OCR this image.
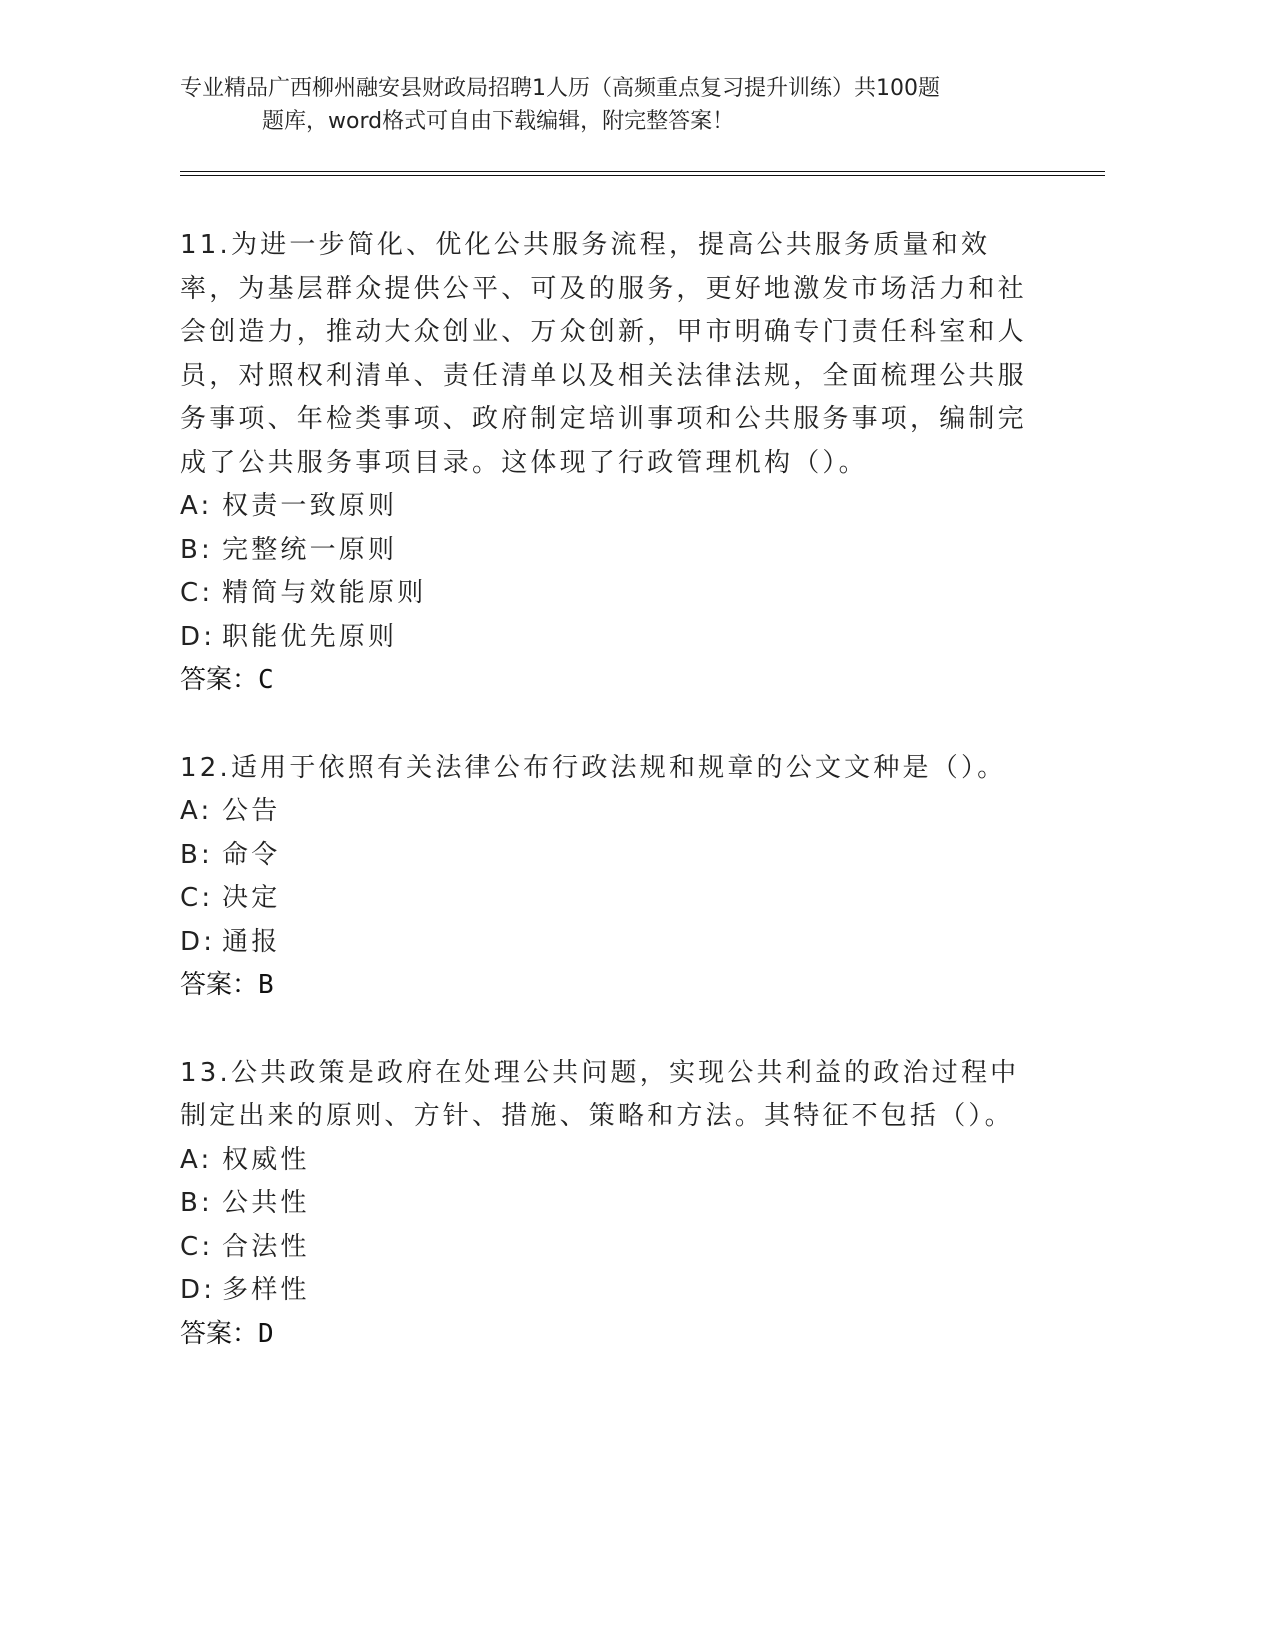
专业精品广西柳州融安县财政局招聘1人历（高频重点复习提升训练）共100题
题库，word格式可自由下载编辑，附完整答案！
11.为进一步简化、优化公共服务流程，提高公共服务质量和效率，为基层群众提供公平、可及的服务，更好地激发市场活力和社会创造力，推动大众创业、万众创新，甲市明确专门责任科室和人员，对照权利清单、责任清单以及相关法律法规，全面梳理公共服务事项、年检类事项、政府制定培训事项和公共服务事项，编制完成了公共服务事项目录。这体现了行政管理机构（）。
A: 权责一致原则
B: 完整统一原则
C: 精简与效能原则
D: 职能优先原则
答案：C
12.适用于依照有关法律公布行政法规和规章的公文文种是（）。
A: 公告
B: 命令
C: 决定
D: 通报
答案：B
13.公共政策是政府在处理公共问题，实现公共利益的政治过程中制定出来的原则、方针、措施、策略和方法。其特征不包括（）。
A: 权威性
B: 公共性
C: 合法性
D: 多样性
答案：D
